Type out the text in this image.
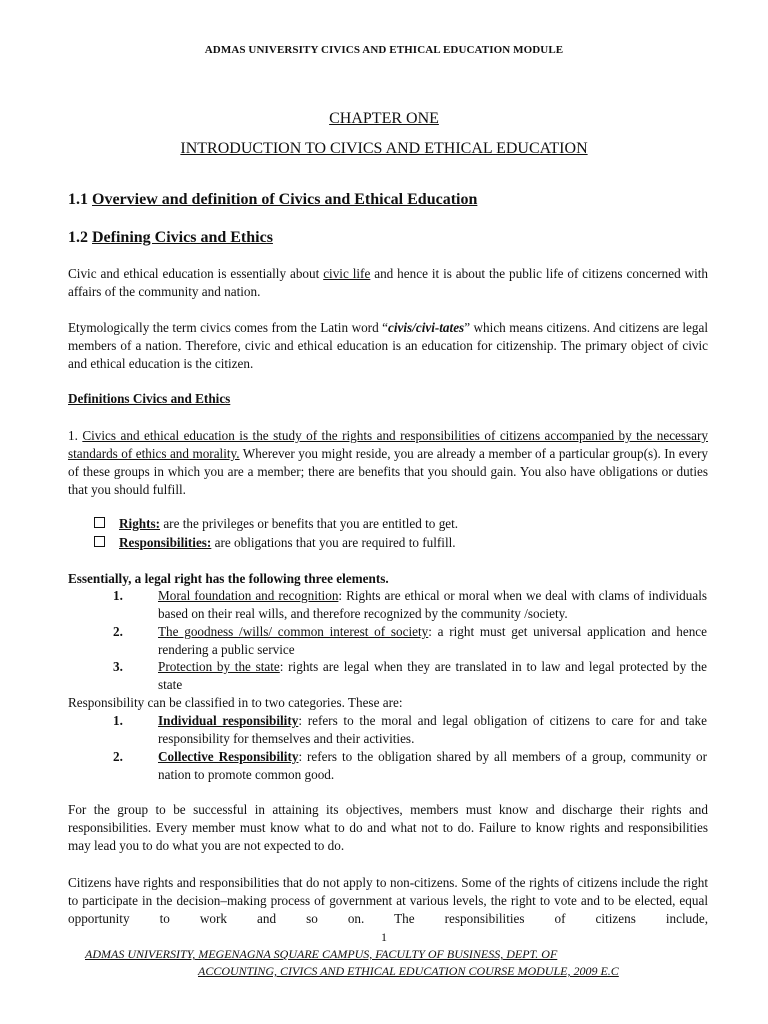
ADMAS UNIVERSITY CIVICS AND ETHICAL EDUCATION MODULE
CHAPTER ONE
INTRODUCTION TO CIVICS AND ETHICAL EDUCATION
1.1 Overview and definition of Civics and Ethical Education
1.2 Defining Civics and Ethics

Civic and ethical education is essentially about civic life and hence it is about the public life of citizens concerned with affairs of the community and nation.

Etymologically the term civics comes from the Latin word “civis/civi-tates” which means citizens. And citizens are legal members of a nation. Therefore, civic and ethical education is an education for citizenship. The primary object of civic and ethical education is the citizen.

Definitions Civics and Ethics

1. Civics and ethical education is the study of the rights and responsibilities of citizens accompanied by the necessary standards of ethics and morality. Wherever you might reside, you are already a member of a particular group(s). In every of these groups in which you are a member; there are benefits that you should gain. You also have obligations or duties that you should fulfill.

Rights: are the privileges or benefits that you are entitled to get.
Responsibilities: are obligations that you are required to fulfill.
Essentially, a legal right has the following three elements.
1.	Moral foundation and recognition: Rights are ethical or moral when we deal with clams of individuals based on their real wills, and therefore recognized by the community /society.

2.	The goodness /wills/ common interest of society: a right must get universal application and hence rendering a public service

3.	Protection by the state: rights are legal when they are translated in to law and legal protected by the state

Responsibility can be classified in to two categories. These are:
1.	Individual responsibility: refers to the moral and legal obligation of citizens to care for and take responsibility for themselves and their activities.

2.	Collective Responsibility: refers to the obligation shared by all members of a group, community or nation to promote common good.

For the group to be successful in attaining its objectives, members must know and discharge their rights and responsibilities. Every member must know what to do and what not to do. Failure to know rights and responsibilities may lead you to do what you are not expected to do.

Citizens have rights and responsibilities that do not apply to non-citizens. Some of the rights of citizens include the right to participate in the decision–making process of government at various levels, the right to vote and to be elected, equal opportunity to work and so on. The responsibilities of citizens include,

1
ADMAS UNIVERSITY, MEGENAGNA SQUARE CAMPUS, FACULTY OF BUSINESS, DEPT. OF
ACCOUNTING, CIVICS AND ETHICAL EDUCATION COURSE MODULE, 2009 E.C
